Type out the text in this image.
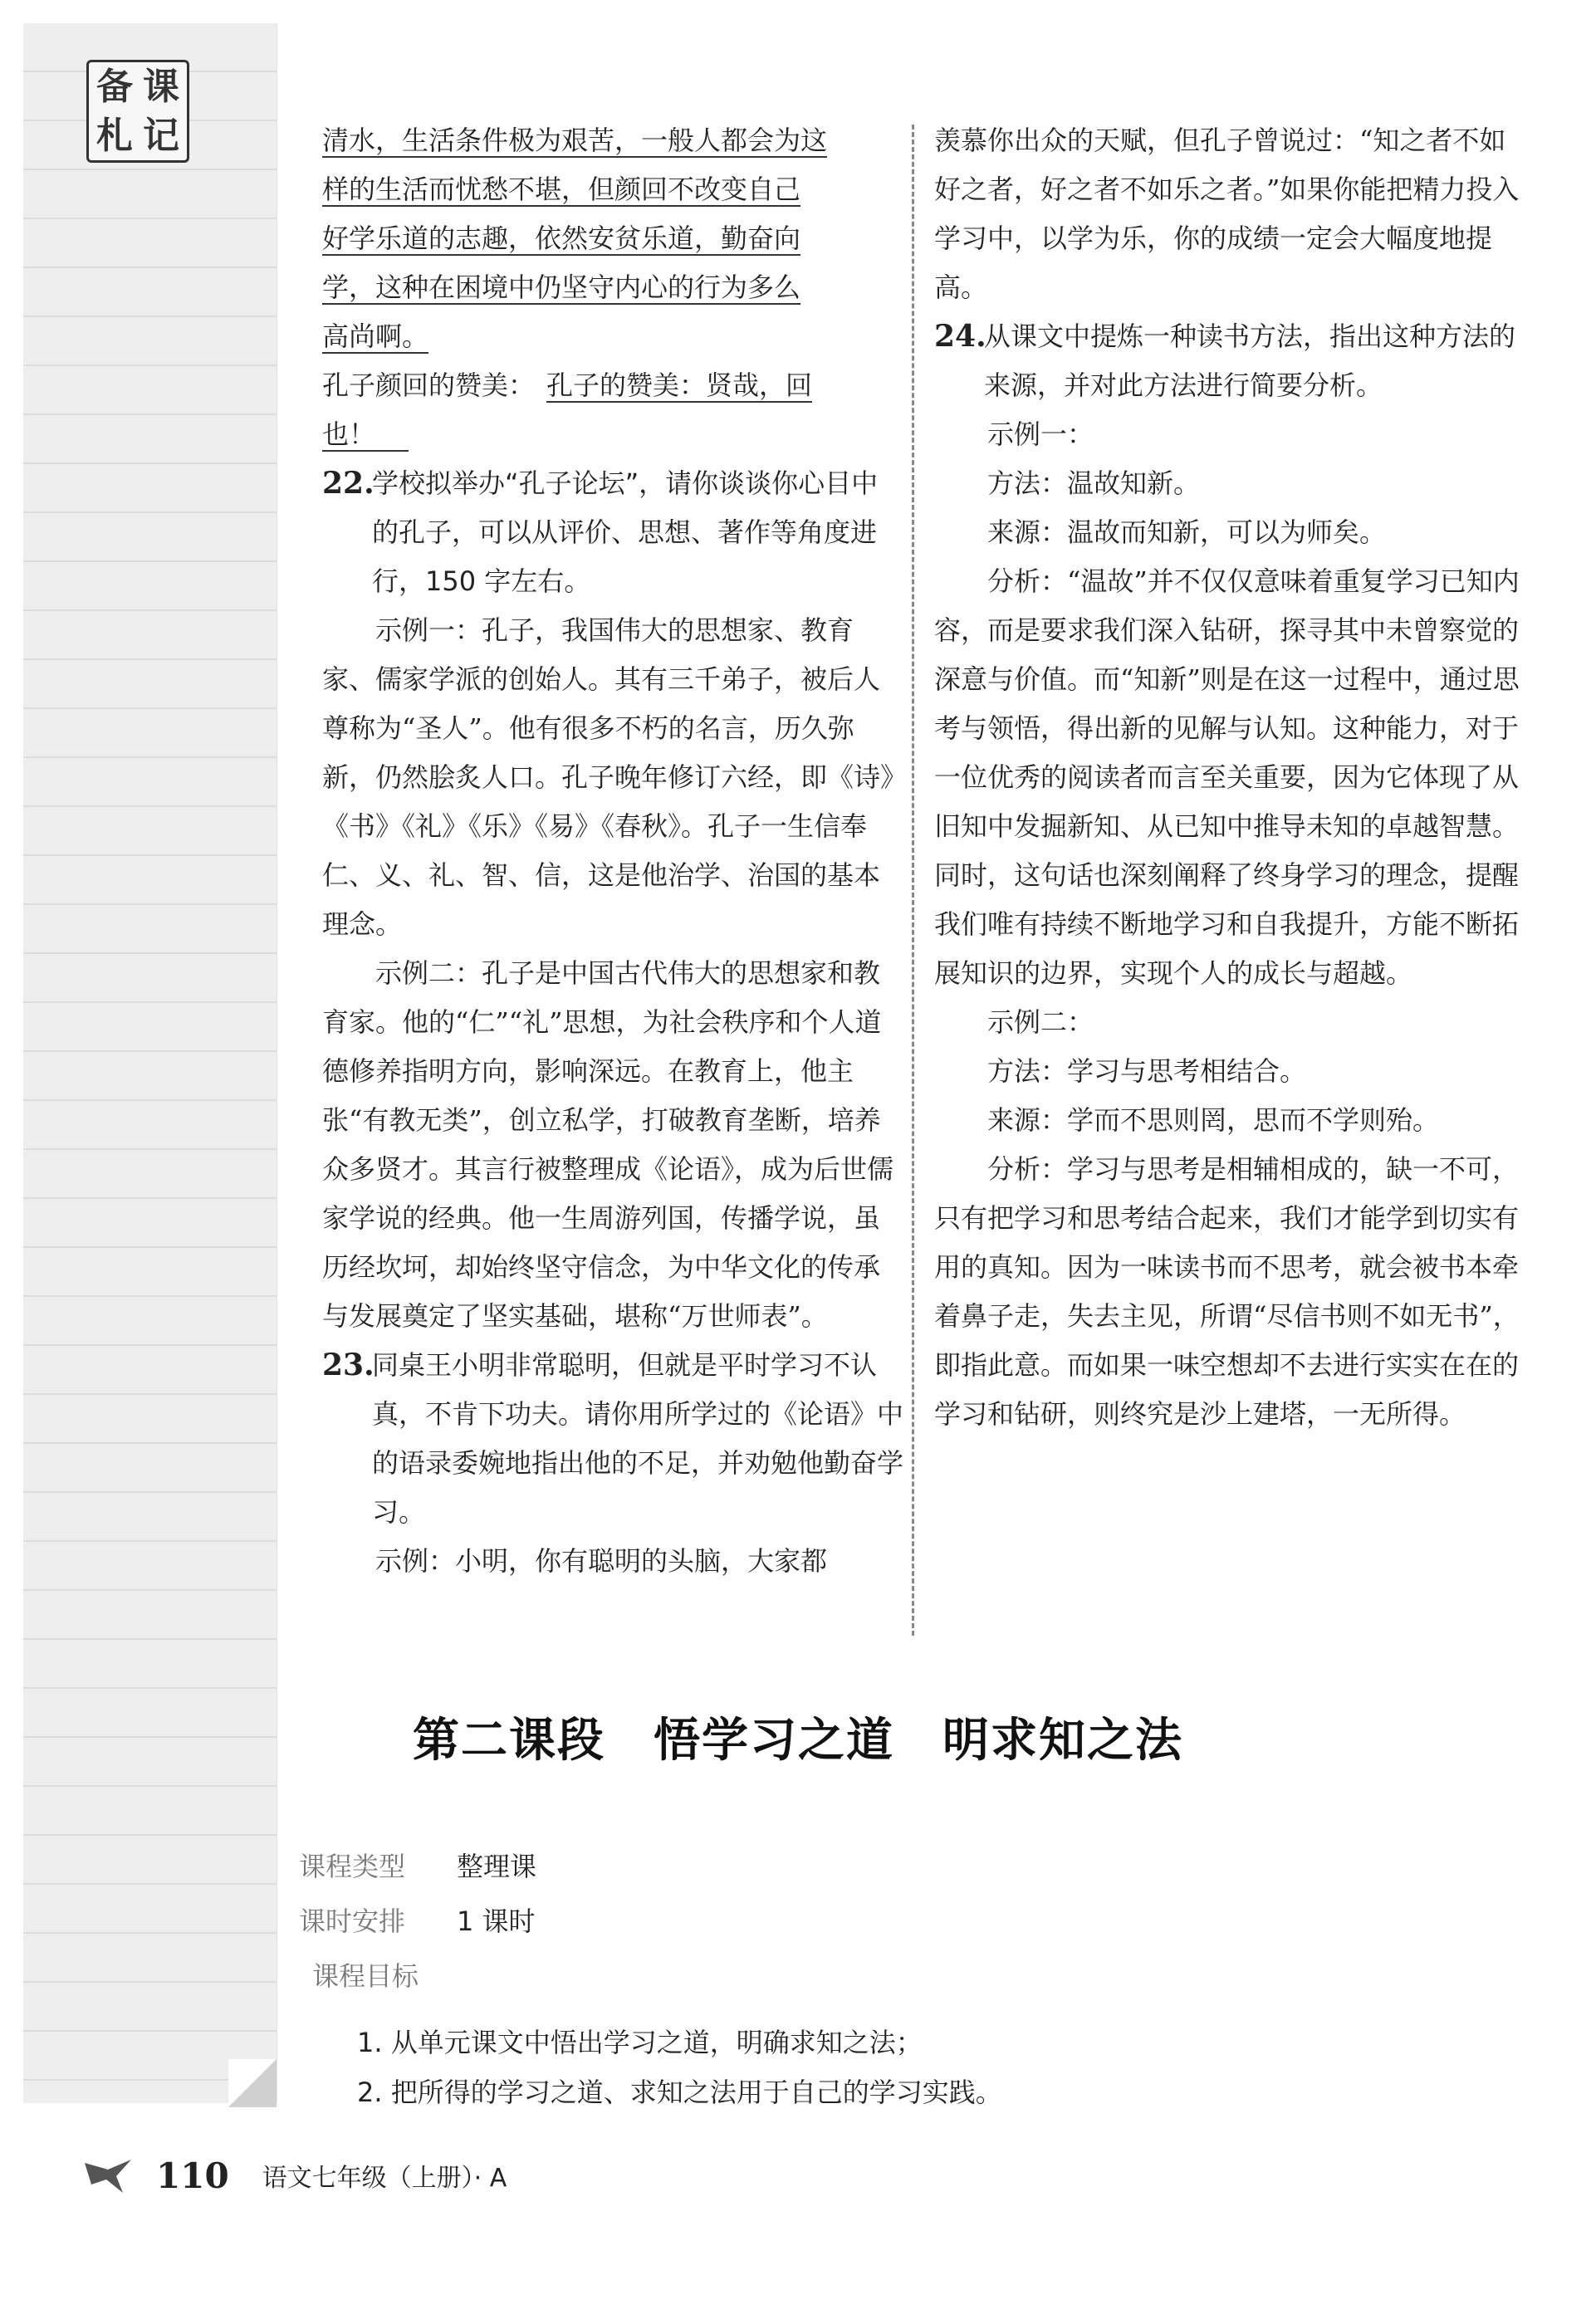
备 课
札 记	清水，生活条件极为艰苦，一般人都会为这

样的生活而忧愁不堪，但颜回不改变自己

好学乐道的志趣，依然安贫乐道，勤奋向

学，这种在困境中仍坚守内心的行为多么

高尚啊。

孔子颜回的赞美： 孔子的赞美：贤哉，回

也！

22.
学校拟举办“孔子论坛”，请你谈谈你心目中的孔子，可以从评价、思想、著作等角度进行，150 字左右。

示例一：孔子，我国伟大的思想家、教育家、儒家学派的创始人。其有三千弟子，被后人尊称为“圣人”。他有很多不朽的名言，历久弥新，仍然脍炙人口。孔子晚年修订六经，即《诗》《书》《礼》《乐》《易》《春秋》。孔子一生信奉仁、义、礼、智、信，这是他治学、治国的基本理念。

示例二：孔子是中国古代伟大的思想家和教育家。他的“仁”“礼”思想，为社会秩序和个人道德修养指明方向，影响深远。在教育上，他主张“有教无类”，创立私学，打破教育垄断，培养众多贤才。其言行被整理成《论语》，成为后世儒家学说的经典。他一生周游列国，传播学说，虽历经坎坷，却始终坚守信念，为中华文化的传承与发展奠定了坚实基础，堪称“万世师表”。

23.
同桌王小明非常聪明，但就是平时学习不认真，不肯下功夫。请你用所学过的《论语》中的语录委婉地指出他的不足，并劝勉他勤奋学习。

示例：小明，你有聪明的头脑，大家都

羡慕你出众的天赋，但孔子曾说过：“知之者不如好之者，好之者不如乐之者。”如果你能把精力投入学习中，以学为乐，你的成绩一定会大幅度地提高。

24.
从课文中提炼一种读书方法，指出这种方法的来源，并对此方法进行简要分析。

示例一：

方法：温故知新。

来源：温故而知新，可以为师矣。

分析：“温故”并不仅仅意味着重复学习已知内容，而是要求我们深入钻研，探寻其中未曾察觉的深意与价值。而“知新”则是在这一过程中，通过思考与领悟，得出新的见解与认知。这种能力，对于一位优秀的阅读者而言至关重要，因为它体现了从旧知中发掘新知、从已知中推导未知的卓越智慧。同时，这句话也深刻阐释了终身学习的理念，提醒我们唯有持续不断地学习和自我提升，方能不断拓展知识的边界，实现个人的成长与超越。

示例二：

方法：学习与思考相结合。

来源：学而不思则罔，思而不学则殆。

分析：学习与思考是相辅相成的，缺一不可，只有把学习和思考结合起来，我们才能学到切实有用的真知。因为一味读书而不思考，就会被书本牵着鼻子走，失去主见，所谓“尽信书则不如无书”，即指此意。而如果一味空想却不去进行实实在在的学习和钻研，则终究是沙上建塔，一无所得。

第二课段　悟学习之道　明求知之法
课程类型 整理课
课时安排 1 课时
课程目标
1. 从单元课文中悟出学习之道，明确求知之法；
2. 把所得的学习之道、求知之法用于自己的学习实践。
110 语文七年级（上册）· A
